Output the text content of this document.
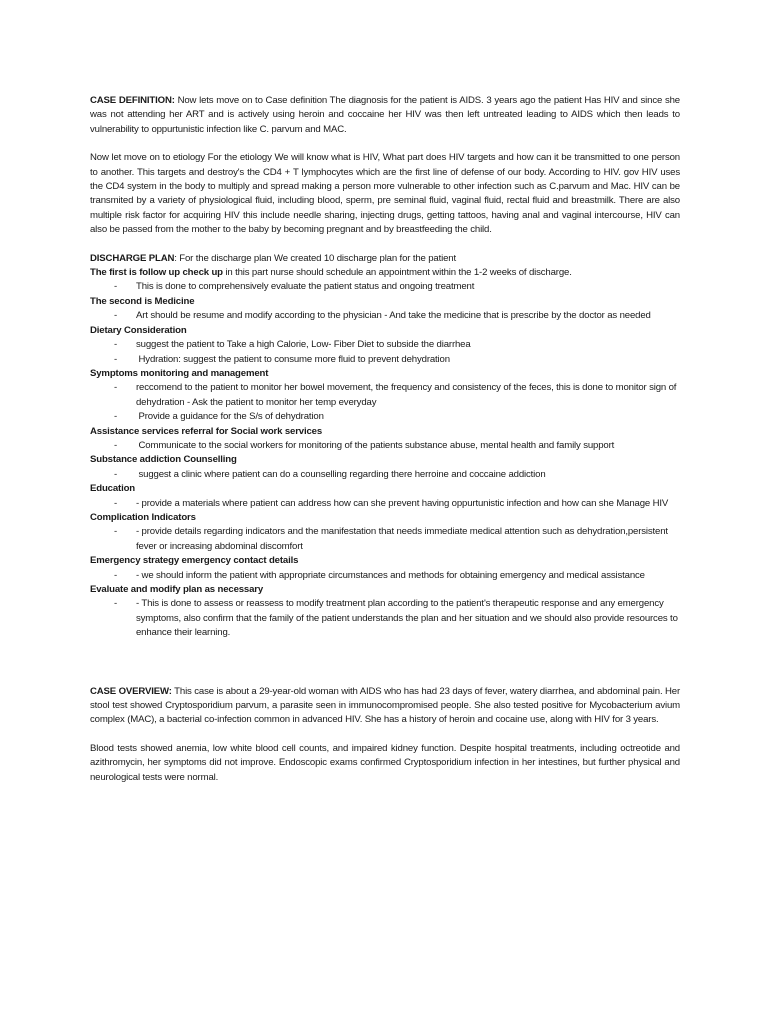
CASE DEFINITION: Now lets move on to Case definition The diagnosis for the patient is AIDS. 3 years ago the patient Has HIV and since she was not attending her ART and is actively using heroin and coccaine her HIV was then left untreated leading to AIDS which then leads to vulnerability to oppurtunistic infection like C. parvum and MAC.

Now let move on to etiology For the etiology We will know what is HIV, What part does HIV targets and how can it be transmitted to one person to another. This targets and destroy's the CD4 + T lymphocytes which are the first line of defense of our body. According to HIV. gov HIV uses the CD4 system in the body to multiply and spread making a person more vulnerable to other infection such as C.parvum and Mac. HIV can be transmited by a variety of physiological fluid, including blood, sperm, pre seminal fluid, vaginal fluid, rectal fluid and breastmilk. There are also multiple risk factor for acquiring HIV this include needle sharing, injecting drugs, getting tattoos, having anal and vaginal intercourse, HIV can also be passed from the mother to the baby by becoming pregnant and by breastfeeding the child.

DISCHARGE PLAN: For the discharge plan We created 10 discharge plan for the patient

The first is follow up check up in this part nurse should schedule an appointment within the 1-2 weeks of discharge.
-	This is done to comprehensively evaluate the patient status and ongoing treatment
The second is Medicine
-	Art should be resume and modify according to the physician - And take the medicine that is prescribe by the doctor as needed
Dietary Consideration
-	suggest the patient to Take a high Calorie, Low- Fiber Diet to subside the diarrhea
-	Hydration: suggest the patient to consume more fluid to prevent dehydration
Symptoms monitoring and management
-	reccomend to the patient to monitor her bowel movement, the frequency and consistency of the feces, this is done to monitor sign of dehydration - Ask the patient to monitor her temp everyday
-	Provide a guidance for the S/s of dehydration
Assistance services referral for Social work services
-	Communicate to the social workers for monitoring of the patients substance abuse, mental health and family support
Substance addiction Counselling
-	suggest a clinic where patient can do a counselling regarding there herroine and coccaine addiction
Education
-	- provide a materials where patient can address how can she prevent having oppurtunistic infection and how can she Manage HIV
Complication Indicators
-	- provide details regarding indicators and the manifestation that needs immediate medical attention such as dehydration,persistent fever or increasing abdominal discomfort
Emergency strategy emergency contact details
-	- we should inform the patient with appropriate circumstances and methods for obtaining emergency and medical assistance
Evaluate and modify plan as necessary
-	- This is done to assess or reassess to modify treatment plan according to the patient's therapeutic response and any emergency symptoms, also confirm that the family of the patient understands the plan and her situation and we should also provide resources to enhance their learning.

CASE OVERVIEW: This case is about a 29-year-old woman with AIDS who has had 23 days of fever, watery diarrhea, and abdominal pain. Her stool test showed Cryptosporidium parvum, a parasite seen in immunocompromised people. She also tested positive for Mycobacterium avium complex (MAC), a bacterial co-infection common in advanced HIV. She has a history of heroin and cocaine use, along with HIV for 3 years.

Blood tests showed anemia, low white blood cell counts, and impaired kidney function. Despite hospital treatments, including octreotide and azithromycin, her symptoms did not improve. Endoscopic exams confirmed Cryptosporidium infection in her intestines, but further physical and neurological tests were normal.
